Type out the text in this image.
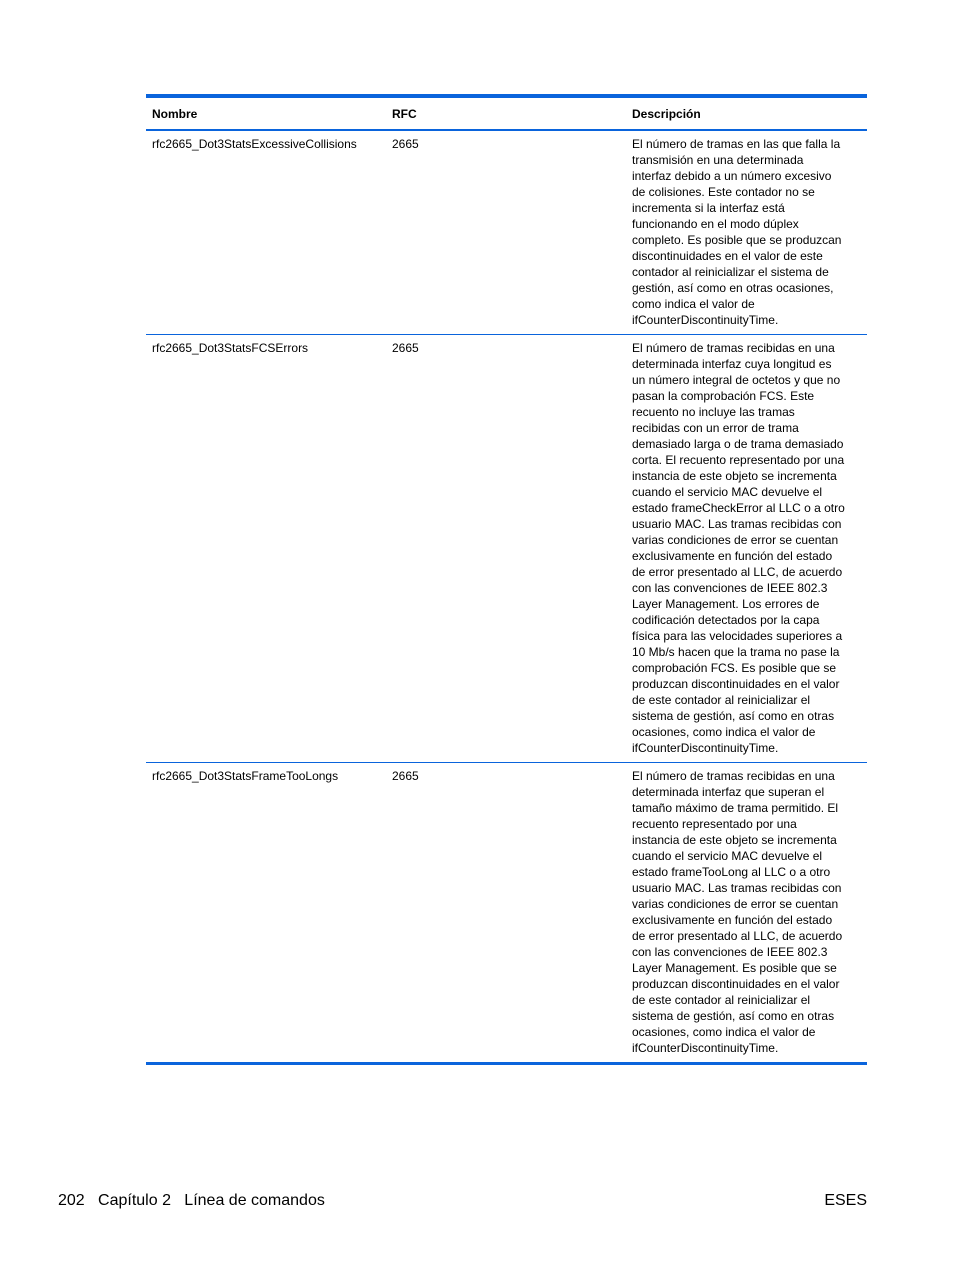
Nombre	RFC	Descripción
rfc2665_Dot3StatsExcessiveCollisions	2665	El número de tramas en las que falla la
transmisión en una determinada
interfaz debido a un número excesivo
de colisiones. Este contador no se
incrementa si la interfaz está
funcionando en el modo dúplex
completo. Es posible que se produzcan
discontinuidades en el valor de este
contador al reinicializar el sistema de
gestión, así como en otras ocasiones,
como indica el valor de
ifCounterDiscontinuityTime.
rfc2665_Dot3StatsFCSErrors	2665	El número de tramas recibidas en una
determinada interfaz cuya longitud es
un número integral de octetos y que no
pasan la comprobación FCS. Este
recuento no incluye las tramas
recibidas con un error de trama
demasiado larga o de trama demasiado
corta. El recuento representado por una
instancia de este objeto se incrementa
cuando el servicio MAC devuelve el
estado frameCheckError al LLC o a otro
usuario MAC. Las tramas recibidas con
varias condiciones de error se cuentan
exclusivamente en función del estado
de error presentado al LLC, de acuerdo
con las convenciones de IEEE 802.3
Layer Management. Los errores de
codificación detectados por la capa
física para las velocidades superiores a
10 Mb/s hacen que la trama no pase la
comprobación FCS. Es posible que se
produzcan discontinuidades en el valor
de este contador al reinicializar el
sistema de gestión, así como en otras
ocasiones, como indica el valor de
ifCounterDiscontinuityTime.
rfc2665_Dot3StatsFrameTooLongs	2665	El número de tramas recibidas en una
determinada interfaz que superan el
tamaño máximo de trama permitido. El
recuento representado por una
instancia de este objeto se incrementa
cuando el servicio MAC devuelve el
estado frameTooLong al LLC o a otro
usuario MAC. Las tramas recibidas con
varias condiciones de error se cuentan
exclusivamente en función del estado
de error presentado al LLC, de acuerdo
con las convenciones de IEEE 802.3
Layer Management. Es posible que se
produzcan discontinuidades en el valor
de este contador al reinicializar el
sistema de gestión, así como en otras
ocasiones, como indica el valor de
ifCounterDiscontinuityTime.
202   Capítulo 2   Línea de comandos	ESES
